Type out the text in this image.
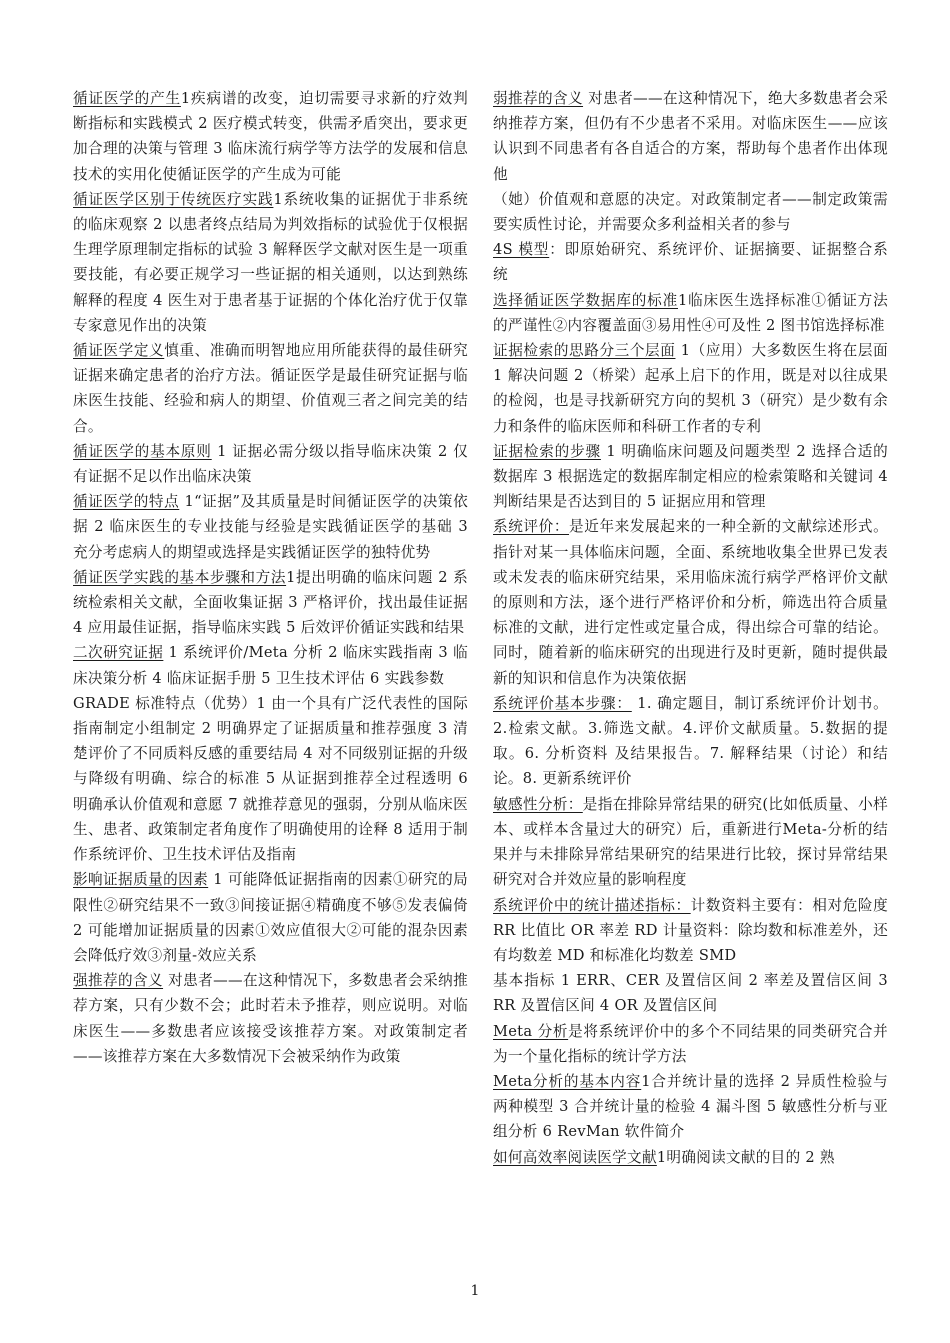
循证医学的产生1疾病谱的改变，迫切需要寻求新的疗效判断指标和实践模式 2 医疗模式转变，供需矛盾突出，要求更加合理的决策与管理 3 临床流行病学等方法学的发展和信息技术的实用化使循证医学的产生成为可能

循证医学区别于传统医疗实践1系统收集的证据优于非系统的临床观察 2 以患者终点结局为判效指标的试验优于仅根据生理学原理制定指标的试验 3 解释医学文献对医生是一项重要技能，有必要正规学习一些证据的相关通则，以达到熟练解释的程度 4 医生对于患者基于证据的个体化治疗优于仅靠专家意见作出的决策

循证医学定义慎重、准确而明智地应用所能获得的最佳研究证据来确定患者的治疗方法。循证医学是最佳研究证据与临床医生技能、经验和病人的期望、价值观三者之间完美的结合。

循证医学的基本原则 1 证据必需分级以指导临床决策 2 仅有证据不足以作出临床决策

循证医学的特点 1“证据”及其质量是时间循证医学的决策依据 2 临床医生的专业技能与经验是实践循证医学的基础 3 充分考虑病人的期望或选择是实践循证医学的独特优势

循证医学实践的基本步骤和方法1提出明确的临床问题 2 系统检索相关文献，全面收集证据 3 严格评价，找出最佳证据 4 应用最佳证据，指导临床实践 5 后效评价循证实践和结果

二次研究证据 1 系统评价/Meta 分析 2 临床实践指南 3 临床决策分析 4 临床证据手册 5 卫生技术评估 6 实践参数

GRADE 标准特点（优势）1 由一个具有广泛代表性的国际指南制定小组制定 2 明确界定了证据质量和推荐强度 3 清楚评价了不同质料反感的重要结局 4 对不同级别证据的升级与降级有明确、综合的标准 5 从证据到推荐全过程透明 6 明确承认价值观和意愿 7 就推荐意见的强弱，分别从临床医生、患者、政策制定者角度作了明确使用的诠释 8 适用于制作系统评价、卫生技术评估及指南

影响证据质量的因素 1 可能降低证据指南的因素①研究的局限性②研究结果不一致③间接证据④精确度不够⑤发表偏倚 2 可能增加证据质量的因素①效应值很大②可能的混杂因素会降低疗效③剂量-效应关系

强推荐的含义 对患者——在这种情况下，多数患者会采纳推荐方案，只有少数不会；此时若未予推荐，则应说明。对临床医生——多数患者应该接受该推荐方案。对政策制定者——该推荐方案在大多数情况下会被采纳作为政策

弱推荐的含义 对患者——在这种情况下，绝大多数患者会采纳推荐方案，但仍有不少患者不采用。对临床医生——应该认识到不同患者有各自适合的方案，帮助每个患者作出体现他

（她）价值观和意愿的决定。对政策制定者——制定政策需要实质性讨论，并需要众多利益相关者的参与

4S 模型：即原始研究、系统评价、证据摘要、证据整合系统

选择循证医学数据库的标准1临床医生选择标准①循证方法的严谨性②内容覆盖面③易用性④可及性 2 图书馆选择标准

证据检索的思路分三个层面 1（应用）大多数医生将在层面 1 解决问题 2（桥梁）起承上启下的作用，既是对以往成果的检阅，也是寻找新研究方向的契机 3（研究）是少数有余力和条件的临床医师和科研工作者的专利

证据检索的步骤 1 明确临床问题及问题类型 2 选择合适的数据库 3 根据选定的数据库制定相应的检索策略和关键词 4 判断结果是否达到目的 5 证据应用和管理

系统评价：是近年来发展起来的一种全新的文献综述形式。指针对某一具体临床问题，全面、系统地收集全世界已发表或未发表的临床研究结果，采用临床流行病学严格评价文献的原则和方法，逐个进行严格评价和分析，筛选出符合质量标准的文献，进行定性或定量合成，得出综合可靠的结论。同时，随着新的临床研究的出现进行及时更新，随时提供最新的知识和信息作为决策依据

系统评价基本步骤： 1. 确定题目，制订系统评价计划书。2.检索文献。3.筛选文献。4.评价文献质量。5.数据的提取。6. 分析资料 及结果报告。7. 解释结果（讨论）和结论。8. 更新系统评价

敏感性分析：是指在排除异常结果的研究(比如低质量、小样本、或样本含量过大的研究）后，重新进行Meta-分析的结果并与未排除异常结果研究的结果进行比较，探讨异常结果研究对合并效应量的影响程度

系统评价中的统计描述指标：计数资料主要有：相对危险度 RR 比值比 OR 率差 RD 计量资料：除均数和标准差外，还有均数差 MD 和标准化均数差 SMD

基本指标 1 ERR、CER 及置信区间 2 率差及置信区间 3 RR 及置信区间 4 OR 及置信区间

Meta 分析是将系统评价中的多个不同结果的同类研究合并为一个量化指标的统计学方法

Meta分析的基本内容1合并统计量的选择 2 异质性检验与两种模型 3 合并统计量的检验 4 漏斗图 5 敏感性分析与亚组分析 6 RevMan 软件简介

如何高效率阅读医学文献1明确阅读文献的目的 2 熟

1
